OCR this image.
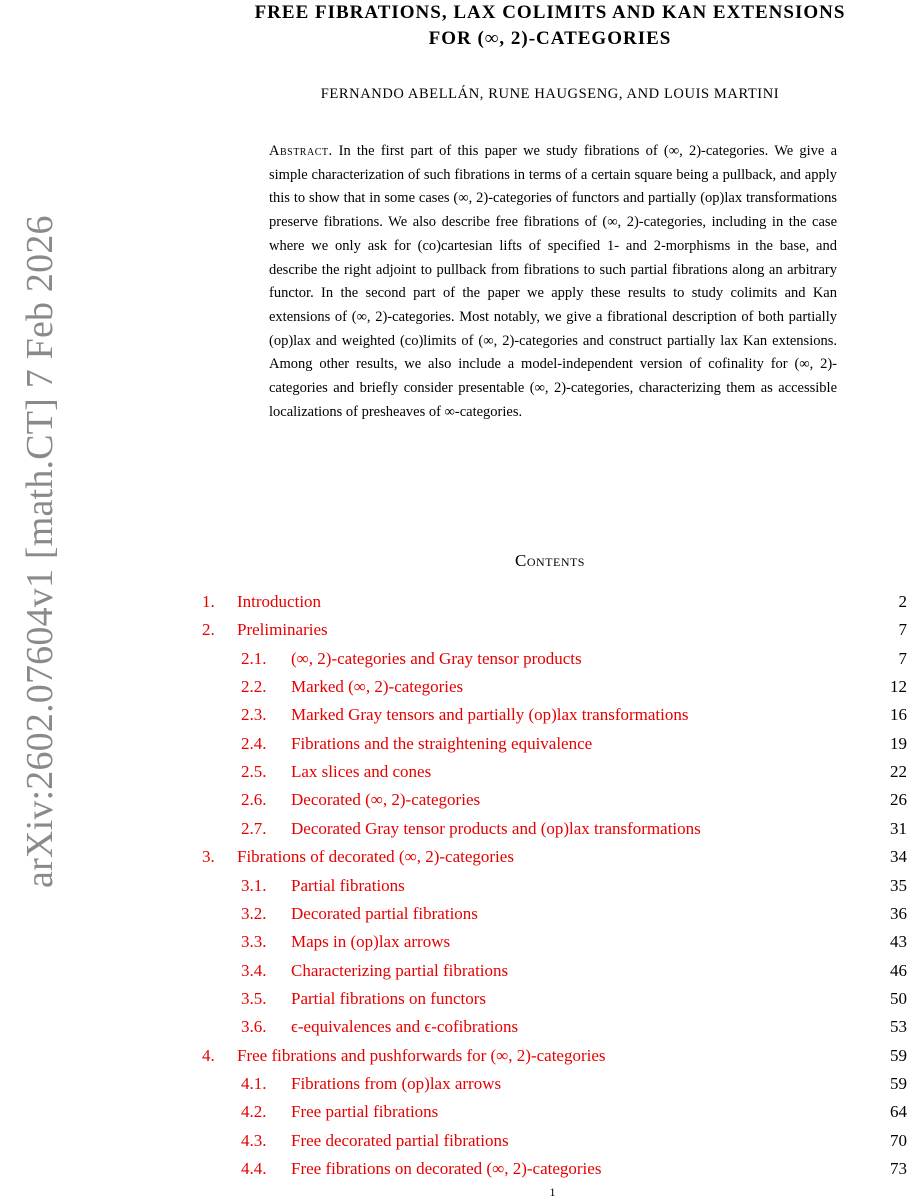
arXiv:2602.07604v1 [math.CT] 7 Feb 2026
FREE FIBRATIONS, LAX COLIMITS AND KAN EXTENSIONS
FOR (∞, 2)-CATEGORIES
FERNANDO ABELLÁN, RUNE HAUGSENG, AND LOUIS MARTINI
Abstract. In the first part of this paper we study fibrations of (∞, 2)-categories. We give a simple characterization of such fibrations in terms of a certain square being a pullback, and apply this to show that in some cases (∞, 2)-categories of functors and partially (op)lax transformations preserve fibrations. We also describe free fibrations of (∞, 2)-categories, including in the case where we only ask for (co)cartesian lifts of specified 1- and 2-morphisms in the base, and describe the right adjoint to pullback from fibrations to such partial fibrations along an arbitrary functor. In the second part of the paper we apply these results to study colimits and Kan extensions of (∞, 2)-categories. Most notably, we give a fibrational description of both partially (op)lax and weighted (co)limits of (∞, 2)-categories and construct partially lax Kan extensions. Among other results, we also include a model-independent version of cofinality for (∞, 2)-categories and briefly consider presentable (∞, 2)-categories, characterizing them as accessible localizations of presheaves of ∞-categories.
Contents
1. Introduction	2
2. Preliminaries	7
2.1. (∞, 2)-categories and Gray tensor products	7
2.2. Marked (∞, 2)-categories	12
2.3. Marked Gray tensors and partially (op)lax transformations	16
2.4. Fibrations and the straightening equivalence	19
2.5. Lax slices and cones	22
2.6. Decorated (∞, 2)-categories	26
2.7. Decorated Gray tensor products and (op)lax transformations	31
3. Fibrations of decorated (∞, 2)-categories	34
3.1. Partial fibrations	35
3.2. Decorated partial fibrations	36
3.3. Maps in (op)lax arrows	43
3.4. Characterizing partial fibrations	46
3.5. Partial fibrations on functors	50
3.6. ϵ-equivalences and ϵ-cofibrations	53
4. Free fibrations and pushforwards for (∞, 2)-categories	59
4.1. Fibrations from (op)lax arrows	59
4.2. Free partial fibrations	64
4.3. Free decorated partial fibrations	70
4.4. Free fibrations on decorated (∞, 2)-categories	73
1
